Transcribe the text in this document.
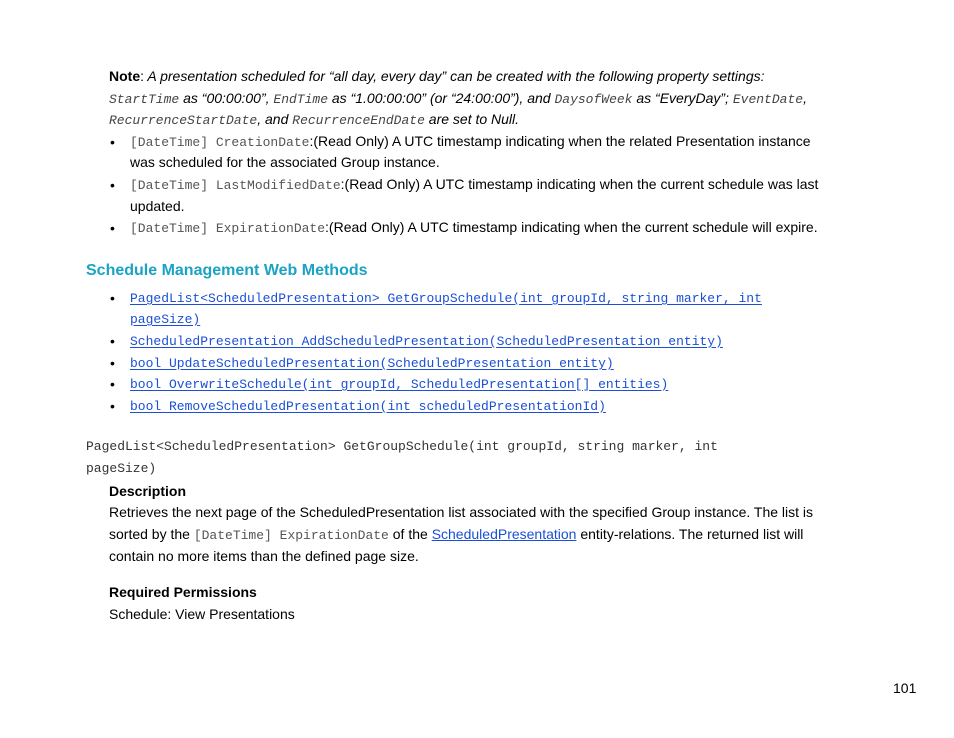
Note: A presentation scheduled for “all day, every day” can be created with the following property settings:
StartTime as “00:00:00”, EndTime as “1.00:00:00” (or “24:00:00”), and DaysofWeek as “EveryDay”; EventDate,
RecurrenceStartDate, and RecurrenceEndDate are set to Null.
• [DateTime] CreationDate:(Read Only) A UTC timestamp indicating when the related Presentation instance
was scheduled for the associated Group instance.
• [DateTime] LastModifiedDate:(Read Only) A UTC timestamp indicating when the current schedule was last
updated.
• [DateTime] ExpirationDate:(Read Only) A UTC timestamp indicating when the current schedule will expire.
Schedule Management Web Methods
• PagedList<ScheduledPresentation> GetGroupSchedule(int groupId, string marker, int
pageSize)
• ScheduledPresentation AddScheduledPresentation(ScheduledPresentation entity)
• bool UpdateScheduledPresentation(ScheduledPresentation entity)
• bool OverwriteSchedule(int groupId, ScheduledPresentation[] entities)
• bool RemoveScheduledPresentation(int scheduledPresentationId)
PagedList<ScheduledPresentation> GetGroupSchedule(int groupId, string marker, int
pageSize)
Description
Retrieves the next page of the ScheduledPresentation list associated with the specified Group instance. The list is
sorted by the [DateTime] ExpirationDate of the ScheduledPresentation entity-relations. The returned list will
contain no more items than the defined page size.
Required Permissions
Schedule: View Presentations
101
